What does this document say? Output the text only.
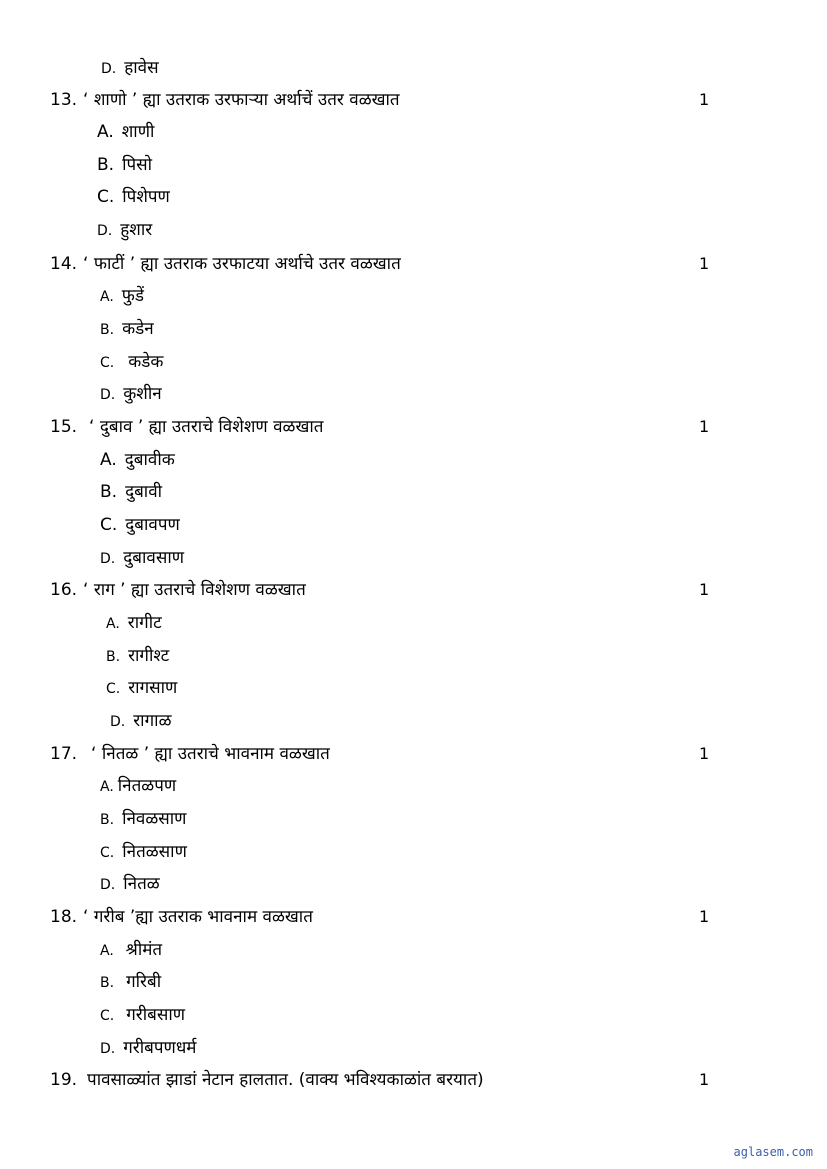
D. हावेस
13. ‘ शाणो ’ ह्या उतराक उरफाऱ्या अर्थाचें उतर वळखात	1
A. शाणी
B. पिसो
C. पिशेपण
D. हुशार
14. ‘ फाटीं ’ ह्या उतराक उरफाटया अर्थाचे उतर वळखात	1
A. फुडें
B. कडेन
C. कडेक
D. कुशीन
15. ‘ दुबाव ’ ह्या उतराचे विशेशण वळखात	1
A. दुबावीक
B. दुबावी
C. दुबावपण
D. दुबावसाण
16. ‘ राग ’ ह्या उतराचे विशेशण वळखात	1
A. रागीट
B. रागीश्ट
C. रागसाण
D. रागाळ
17. ‘ नितळ ’ ह्या उतराचे भावनाम वळखात	1
A. नितळपण
B. निवळसाण
C. नितळसाण
D. नितळ
18. ‘ गरीब ’ह्या उतराक भावनाम वळखात	1
A. श्रीमंत
B. गरिबी
C. गरीबसाण
D. गरीबपणधर्म
19. पावसाळ्यांत झाडां नेटान हालतात. (वाक्य भविश्यकाळांत बरयात)	1
aglasem.com
